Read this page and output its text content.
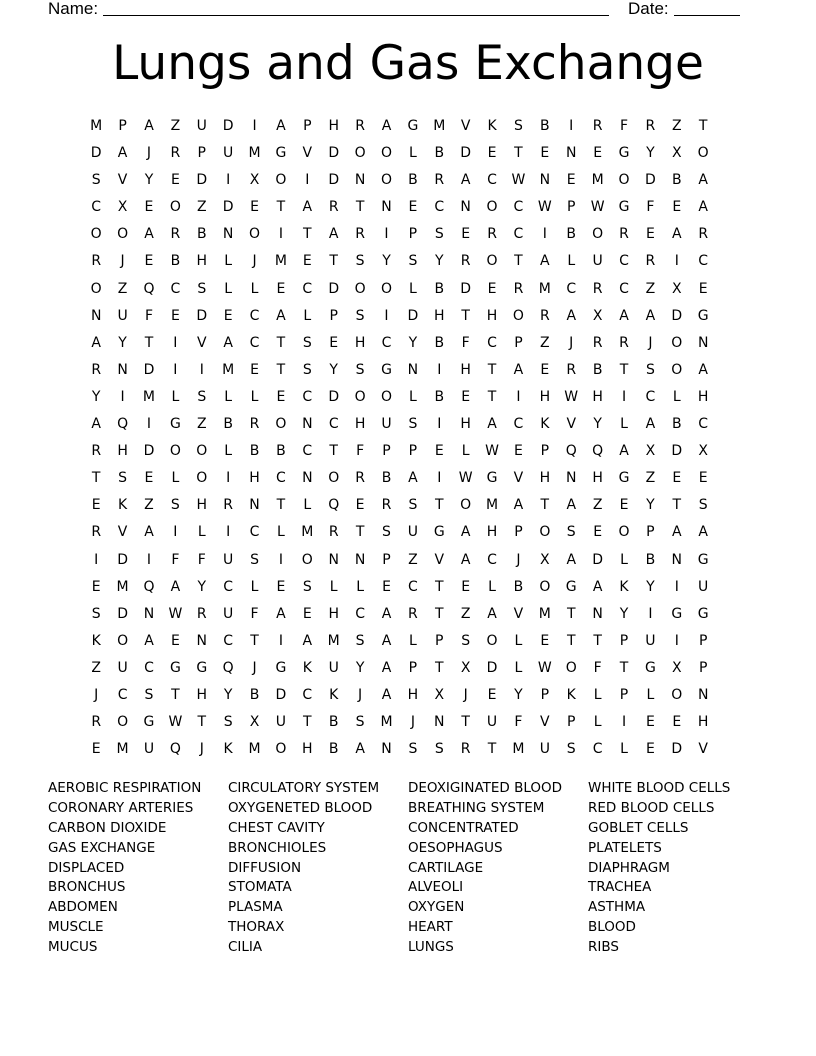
Name:	Date:
Lungs and Gas Exchange
M	P	A	Z	U	D	I	A	P	H	R	A	G	M	V	K	S	B	I	R	F	R	Z	T
D	A	J	R	P	U	M	G	V	D	O	O	L	B	D	E	T	E	N	E	G	Y	X	O
S	V	Y	E	D	I	X	O	I	D	N	O	B	R	A	C	W	N	E	M	O	D	B	A
C	X	E	O	Z	D	E	T	A	R	T	N	E	C	N	O	C	W	P	W	G	F	E	A
O	O	A	R	B	N	O	I	T	A	R	I	P	S	E	R	C	I	B	O	R	E	A	R
R	J	E	B	H	L	J	M	E	T	S	Y	S	Y	R	O	T	A	L	U	C	R	I	C
O	Z	Q	C	S	L	L	E	C	D	O	O	L	B	D	E	R	M	C	R	C	Z	X	E
N	U	F	E	D	E	C	A	L	P	S	I	D	H	T	H	O	R	A	X	A	A	D	G
A	Y	T	I	V	A	C	T	S	E	H	C	Y	B	F	C	P	Z	J	R	R	J	O	N
R	N	D	I	I	M	E	T	S	Y	S	G	N	I	H	T	A	E	R	B	T	S	O	A
Y	I	M	L	S	L	L	E	C	D	O	O	L	B	E	T	I	H	W	H	I	C	L	H
A	Q	I	G	Z	B	R	O	N	C	H	U	S	I	H	A	C	K	V	Y	L	A	B	C
R	H	D	O	O	L	B	B	C	T	F	P	P	E	L	W	E	P	Q	Q	A	X	D	X
T	S	E	L	O	I	H	C	N	O	R	B	A	I	W	G	V	H	N	H	G	Z	E	E
E	K	Z	S	H	R	N	T	L	Q	E	R	S	T	O	M	A	T	A	Z	E	Y	T	S
R	V	A	I	L	I	C	L	M	R	T	S	U	G	A	H	P	O	S	E	O	P	A	A
I	D	I	F	F	U	S	I	O	N	N	P	Z	V	A	C	J	X	A	D	L	B	N	G
E	M	Q	A	Y	C	L	E	S	L	L	E	C	T	E	L	B	O	G	A	K	Y	I	U
S	D	N	W	R	U	F	A	E	H	C	A	R	T	Z	A	V	M	T	N	Y	I	G	G
K	O	A	E	N	C	T	I	A	M	S	A	L	P	S	O	L	E	T	T	P	U	I	P
Z	U	C	G	G	Q	J	G	K	U	Y	A	P	T	X	D	L	W O	F	T	G	X	P
J	C	S	T	H	Y	B	D	C	K	J	A	H	X	J	E	Y	P	K	L	P	L	O	N
R	O	G	W	T	S	X	U	T	B	S	M	J	N	T	U	F	V	P	L	I	E	E	H
E	M	U	Q	J	K	M	O	H	B	A	N	S	S	R	T	M	U	S	C	L	E	D	V
AEROBIC RESPIRATION	CIRCULATORY SYSTEM	DEOXIGINATED BLOOD	WHITE BLOOD CELLS
CORONARY ARTERIES	OXYGENETED BLOOD	BREATHING SYSTEM	RED BLOOD CELLS
CARBON DIOXIDE	CHEST CAVITY	CONCENTRATED	GOBLET CELLS
GAS EXCHANGE	BRONCHIOLES	OESOPHAGUS	PLATELETS
DISPLACED	DIFFUSION	CARTILAGE	DIAPHRAGM
BRONCHUS	STOMATA	ALVEOLI	TRACHEA
ABDOMEN	PLASMA	OXYGEN	ASTHMA
MUSCLE	THORAX	HEART	BLOOD
MUCUS	CILIA	LUNGS	RIBS
